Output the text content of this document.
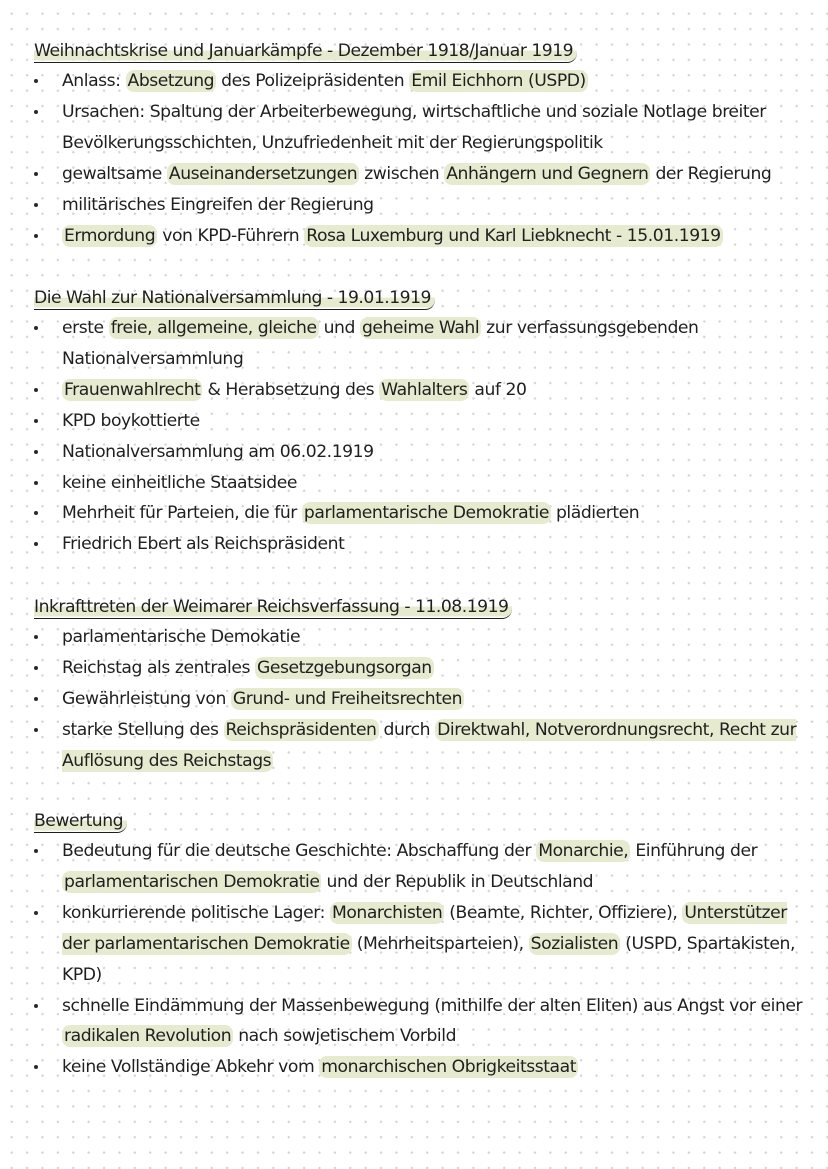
Weihnachtskrise und Januarkämpfe - Dezember 1918/Januar 1919
Anlass: Absetzung des Polizeipräsidenten Emil Eichhorn (USPD)
Ursachen: Spaltung der Arbeiterbewegung, wirtschaftliche und soziale Notlage breiter Bevölkerungsschichten, Unzufriedenheit mit der Regierungspolitik
gewaltsame Auseinandersetzungen zwischen Anhängern und Gegnern der Regierung
militärisches Eingreifen der Regierung
Ermordung von KPD-Führern Rosa Luxemburg und Karl Liebknecht - 15.01.1919
Die Wahl zur Nationalversammlung - 19.01.1919
erste freie, allgemeine, gleiche und geheime Wahl zur verfassungsgebenden Nationalversammlung
Frauenwahlrecht & Herabsetzung des Wahlalters auf 20
KPD boykottierte
Nationalversammlung am 06.02.1919
keine einheitliche Staatsidee
Mehrheit für Parteien, die für parlamentarische Demokratie plädierten
Friedrich Ebert als Reichspräsident
Inkrafttreten der Weimarer Reichsverfassung - 11.08.1919
parlamentarische Demokatie
Reichstag als zentrales Gesetzgebungsorgan
Gewährleistung von Grund- und Freiheitsrechten
starke Stellung des Reichspräsidenten durch Direktwahl, Notverordnungsrecht, Recht zur Auflösung des Reichstags
Bewertung
Bedeutung für die deutsche Geschichte: Abschaffung der Monarchie, Einführung der parlamentarischen Demokratie und der Republik in Deutschland
konkurrierende politische Lager: Monarchisten (Beamte, Richter, Offiziere), Unterstützer der parlamentarischen Demokratie (Mehrheitsparteien), Sozialisten (USPD, Spartakisten, KPD)
schnelle Eindämmung der Massenbewegung (mithilfe der alten Eliten) aus Angst vor einer radikalen Revolution nach sowjetischem Vorbild
keine Vollständige Abkehr vom monarchischen Obrigkeitsstaat
